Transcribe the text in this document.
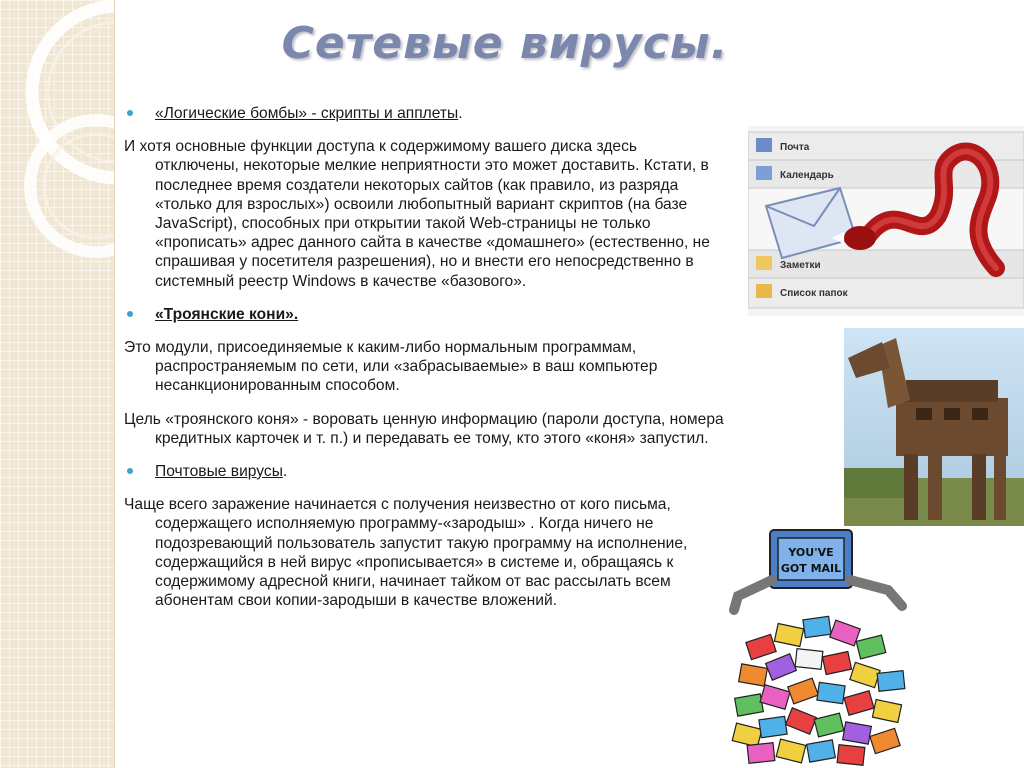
Сетевые вирусы.
«Логические бомбы» - скрипты и апплеты.
И хотя основные функции доступа к содержимому вашего диска здесь отключены, некоторые мелкие неприятности это может доставить. Кстати, в последнее время создатели некоторых сайтов (как правило, из разряда «только для взрослых») освоили любопытный вариант скриптов (на базе JavaScript), способных при открытии такой Web-страницы не только «прописать» адрес данного сайта в качестве «домашнего» (естественно, не спрашивая у посетителя разрешения), но и внести его непосредственно в системный реестр Windows в качестве «базового».
«Троянские кони».
Это модули, присоединяемые к каким-либо нормальным программам, распространяемым по сети, или «забрасываемые» в ваш компьютер несанкционированным способом.
Цель «троянского коня» - воровать ценную информацию (пароли доступа, номера кредитных карточек и т. п.) и передавать ее тому, кто этого «коня» запустил.
Почтовые вирусы.
Чаще всего заражение начинается с получения неизвестно от кого письма, содержащего исполняемую программу-«зародыш» . Когда ничего не подозревающий пользователь запустит такую программу на исполнение, содержащийся в ней вирус «прописывается» в системе и, обращаясь к содержимому адресной книги, начинает тайком от вас рассылать всем абонентам свои копии-зародыши в качестве вложений.
Почта
Календарь
Заметки
Список папок
YOU'VE
GOT MAIL
